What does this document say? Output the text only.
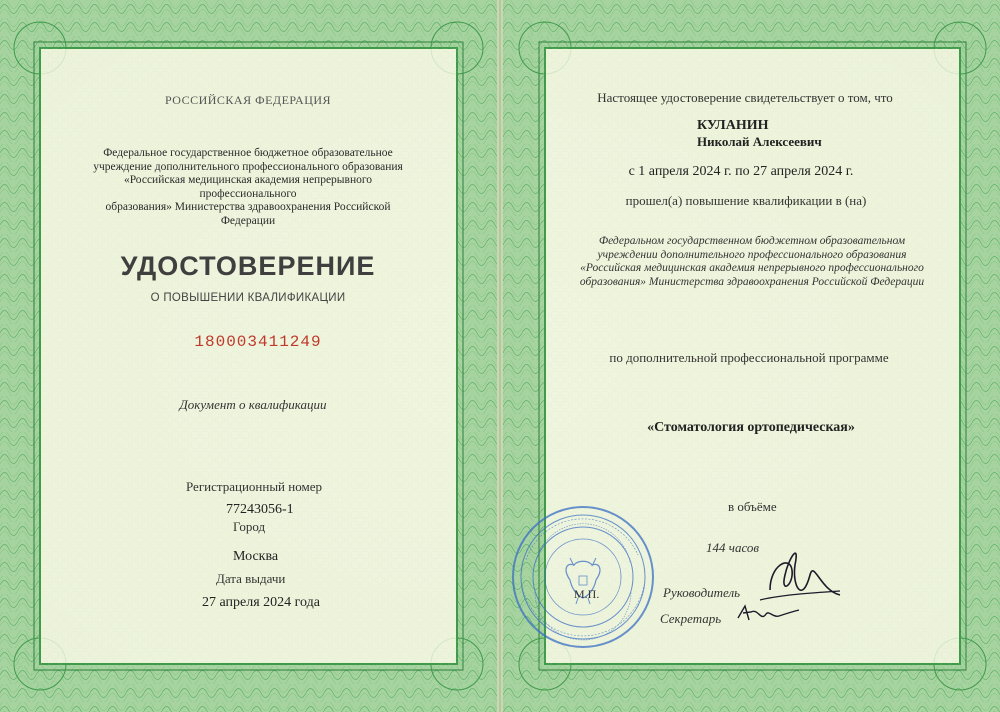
РОССИЙСКАЯ ФЕДЕРАЦИЯ
Федеральное государственное бюджетное образовательное
учреждение дополнительного профессионального образования
«Российская медицинская академия непрерывного профессионального
образования» Министерства здравоохранения Российской Федерации
УДОСТОВЕРЕНИЕ
О ПОВЫШЕНИИ КВАЛИФИКАЦИИ
180003411249
Документ о квалификации
Регистрационный номер
77243056-1
Город
Москва
Дата выдачи
27 апреля 2024 года
Настоящее удостоверение свидетельствует о том, что
КУЛАНИН
Николай Алексеевич
с 1 апреля 2024 г. по 27 апреля 2024 г.
прошел(а) повышение квалификации в (на)
Федеральном государственном бюджетном образовательном
учреждении дополнительного профессионального образования
«Российская медицинская академия непрерывного профессионального
образования» Министерства здравоохранения Российской Федерации
по дополнительной профессиональной программе
«Стоматология ортопедическая»
в объёме
144 часов
Руководитель
Секретарь
М.П.
